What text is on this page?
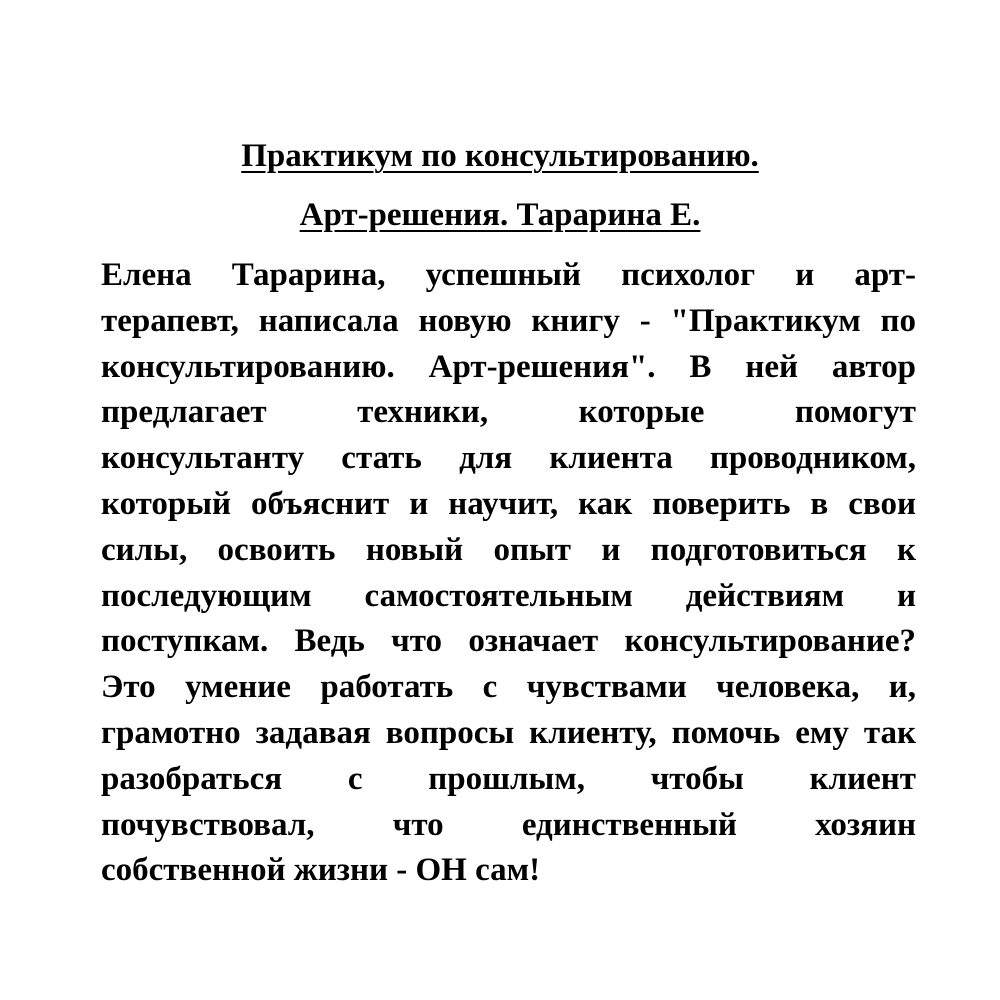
Практикум по консультированию.
Арт-решения. Тарарина Е.
Елена Тарарина, успешный психолог и арт-
терапевт, написала новую книгу - "Практикум по
консультированию. Арт-решения". В ней автор
предлагает техники, которые помогут
консультанту стать для клиента проводником,
который объяснит и научит, как поверить в свои
силы, освоить новый опыт и подготовиться к
последующим самостоятельным действиям и
поступкам. Ведь что означает консультирование?
Это умение работать с чувствами человека, и,
грамотно задавая вопросы клиенту, помочь ему так
разобраться с прошлым, чтобы клиент
почувствовал, что единственный хозяин
собственной жизни - ОН сам!
